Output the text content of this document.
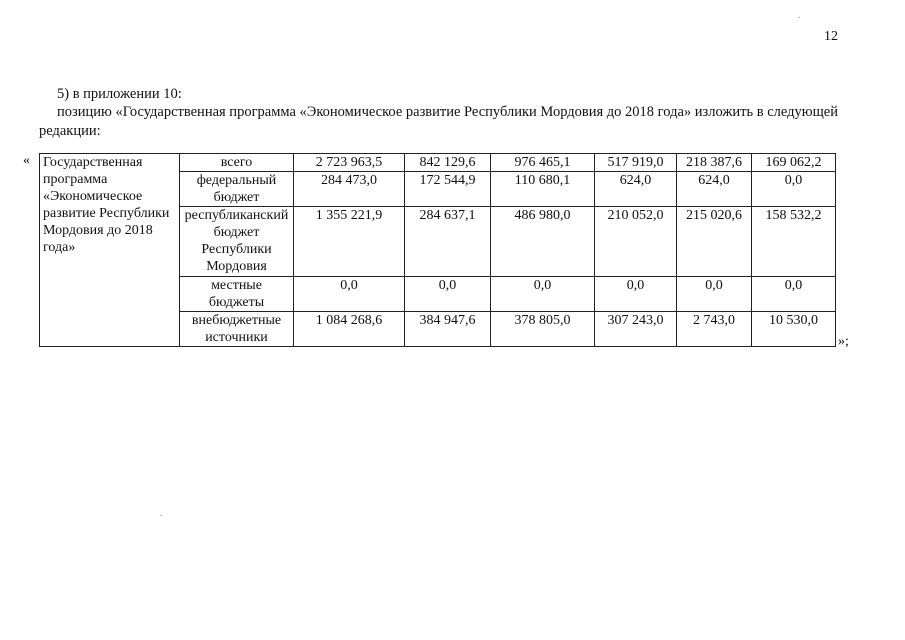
12
5) в приложении 10:
позицию «Государственная программа «Экономическое развитие Республики Мордовия до 2018 года» изложить в следующей редакции:
« Государственная программа «Экономическое развитие Республики Мордовия до 2018 года»	всего	2 723 963,5	842 129,6	976 465,1	517 919,0	218 387,6	169 062,2
	федеральный бюджет	284 473,0	172 544,9	110 680,1	624,0	624,0	0,0
	республиканский бюджет Республики Мордовия	1 355 221,9	284 637,1	486 980,0	210 052,0	215 020,6	158 532,2
	местные бюджеты	0,0	0,0	0,0	0,0	0,0	0,0
	внебюджетные источники	1 084 268,6	384 947,6	378 805,0	307 243,0	2 743,0	10 530,0
»;
